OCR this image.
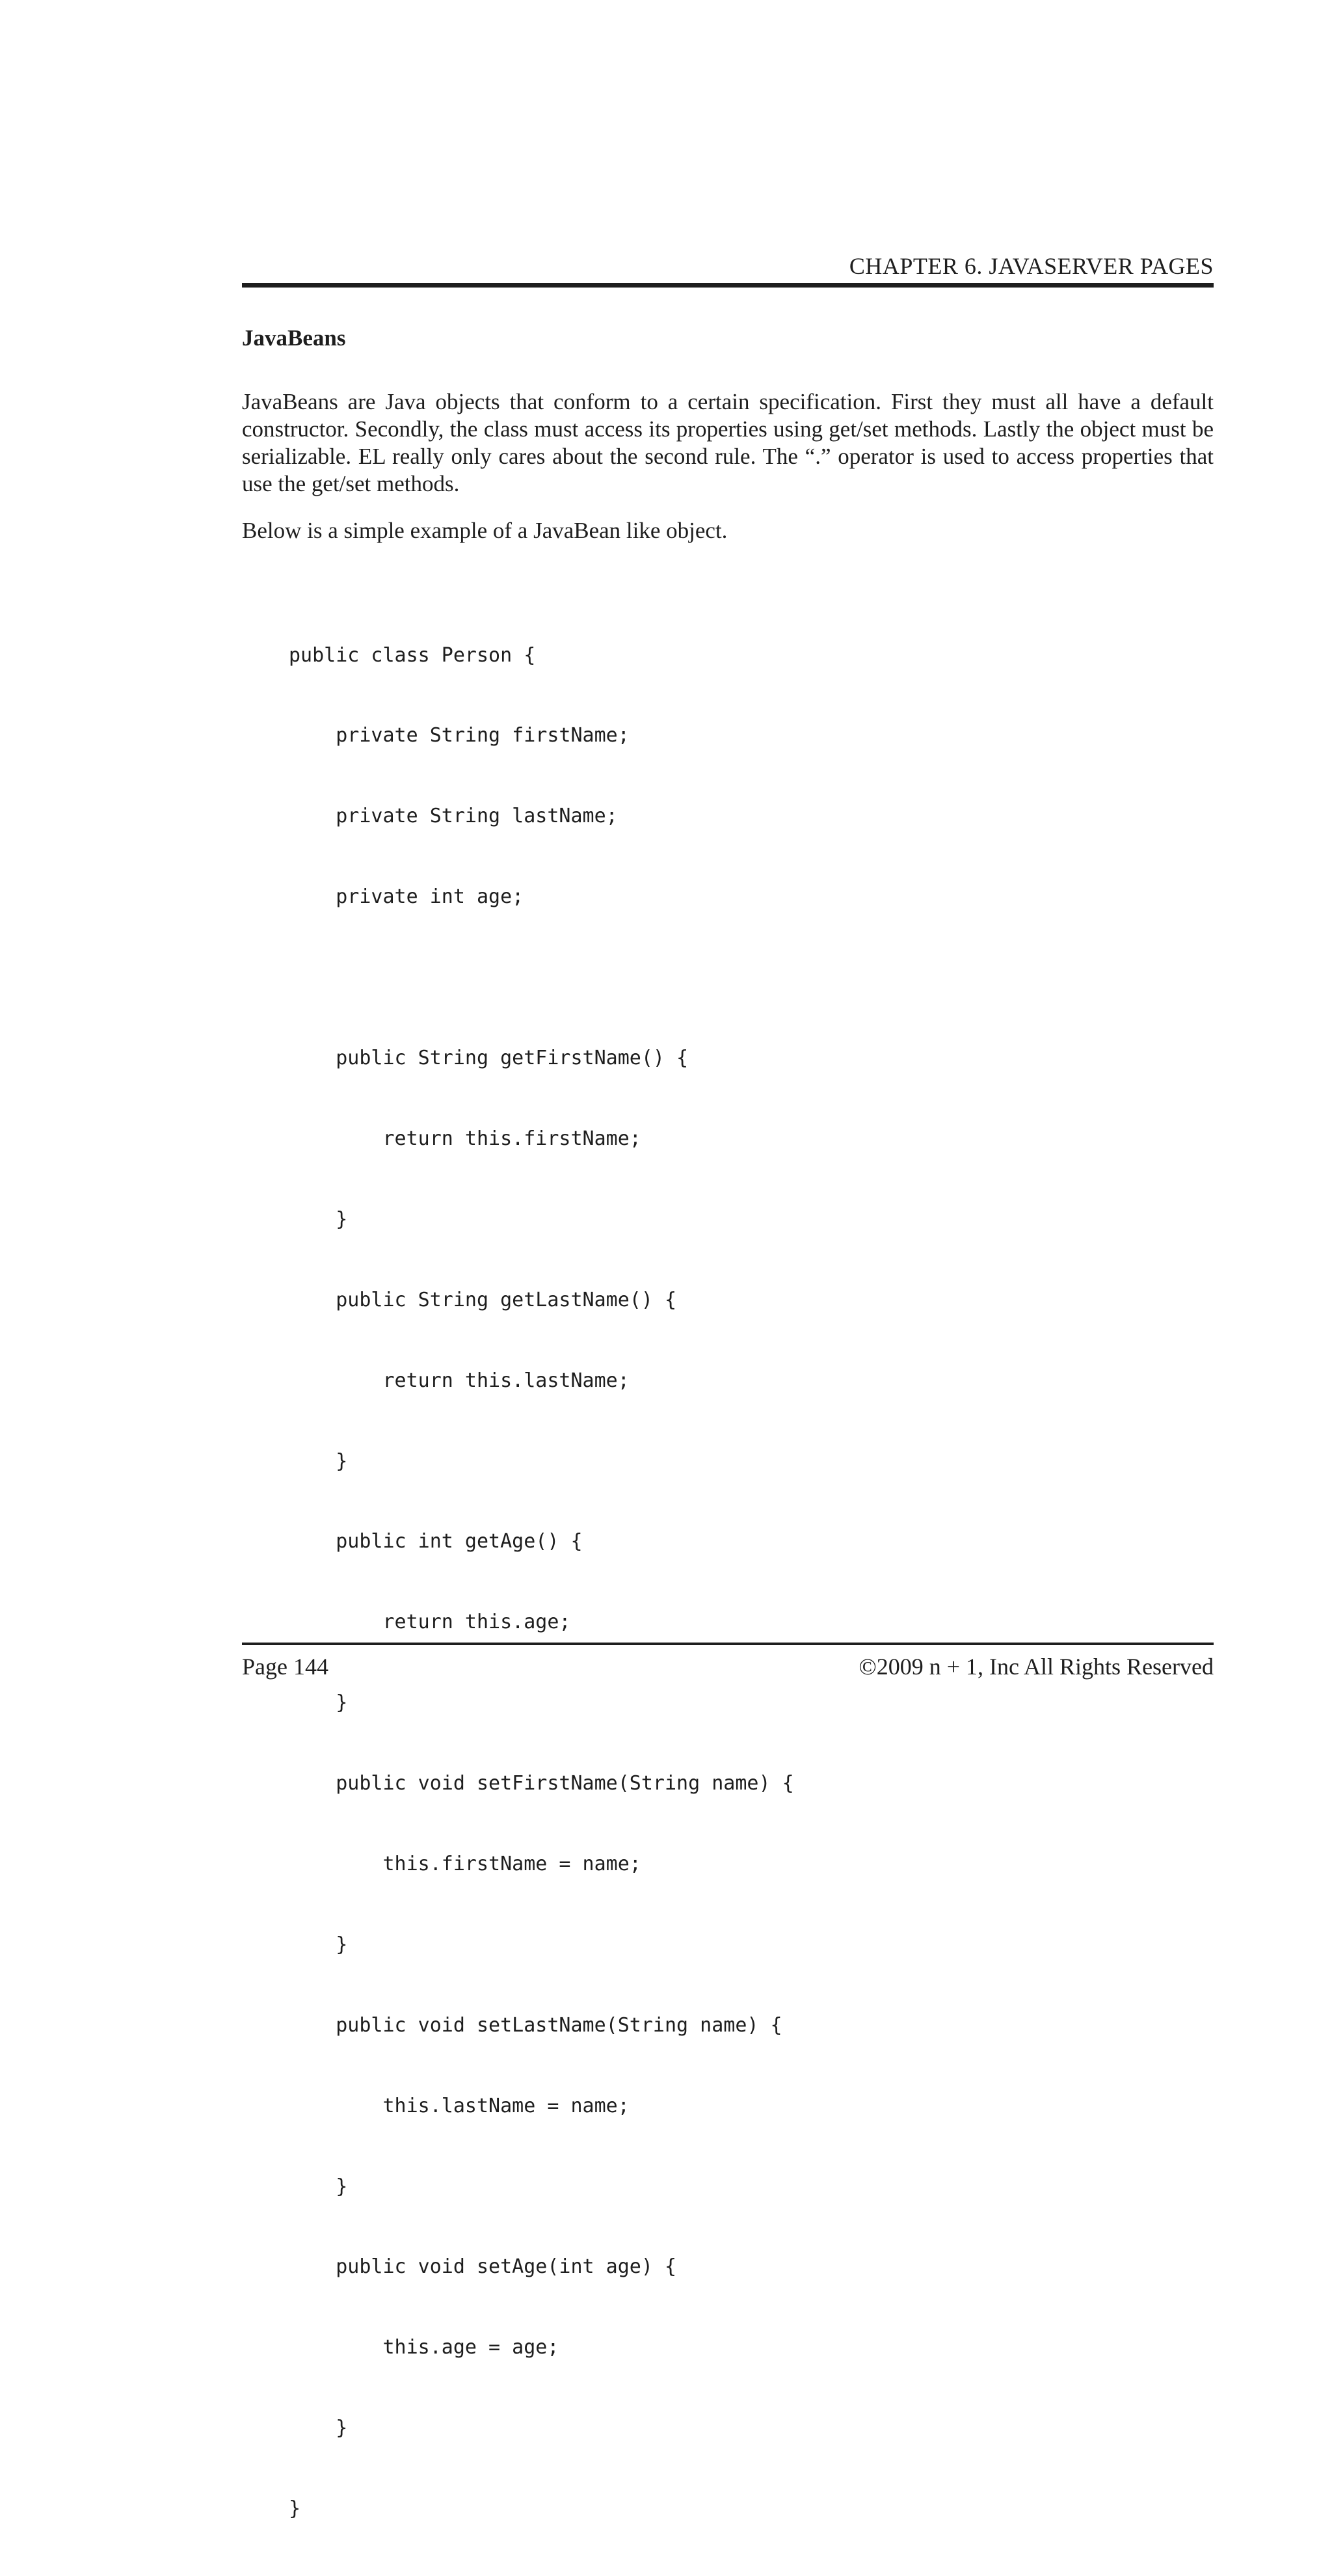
CHAPTER 6. JAVASERVER PAGES
JavaBeans

JavaBeans are Java objects that conform to a certain specification. First they must all have a default constructor. Secondly, the class must access its properties using get/set methods. Lastly the object must be serializable. EL really only cares about the second rule. The “.” operator is used to access properties that use the get/set methods.

Below is a simple example of a JavaBean like object.

public class Person {

private String firstName;

private String lastName;

private int age;

public String getFirstName() {

return this.firstName;

}

public String getLastName() {

return this.lastName;

}

public int getAge() {

return this.age;

}

public void setFirstName(String name) {

this.firstName = name;

}

public void setLastName(String name) {

this.lastName = name;

}

public void setAge(int age) {

this.age = age;

}

}

Page 144	©2009 n + 1, Inc All Rights Reserved
